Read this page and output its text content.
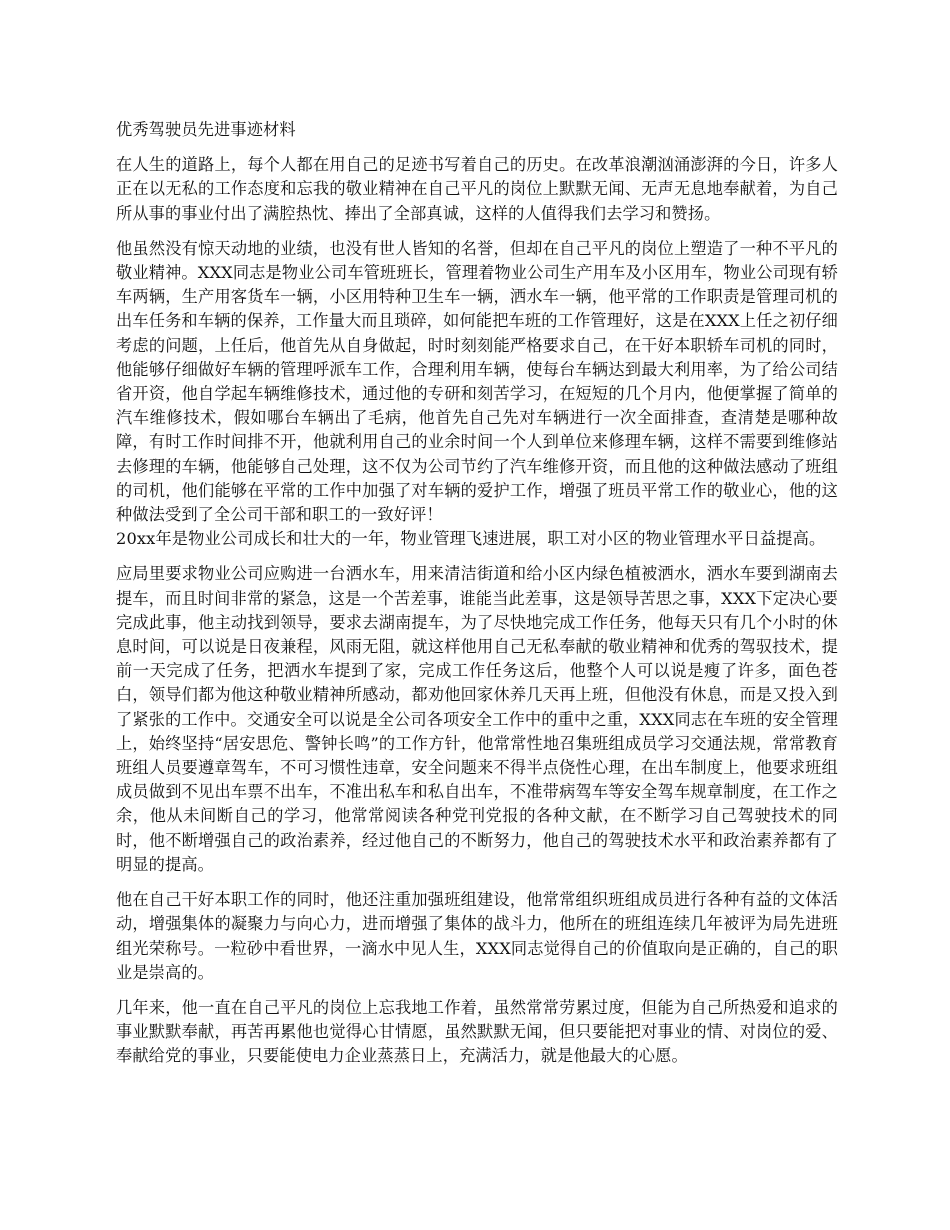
优秀驾驶员先进事迹材料

在人生的道路上，每个人都在用自己的足迹书写着自己的历史。在改革浪潮汹涌澎湃的今日，许多人正在以无私的工作态度和忘我的敬业精神在自己平凡的岗位上默默无闻、无声无息地奉献着，为自己所从事的事业付出了满腔热忱、捧出了全部真诚，这样的人值得我们去学习和赞扬。

他虽然没有惊天动地的业绩，也没有世人皆知的名誉，但却在自己平凡的岗位上塑造了一种不平凡的敬业精神。XXX同志是物业公司车管班班长，管理着物业公司生产用车及小区用车，物业公司现有轿车两辆，生产用客货车一辆，小区用特种卫生车一辆，洒水车一辆，他平常的工作职责是管理司机的出车任务和车辆的保养，工作量大而且琐碎，如何能把车班的工作管理好，这是在XXX上任之初仔细考虑的问题，上任后，他首先从自身做起，时时刻刻能严格要求自己，在干好本职轿车司机的同时，他能够仔细做好车辆的管理呼派车工作，合理利用车辆，使每台车辆达到最大利用率，为了给公司结省开资，他自学起车辆维修技术，通过他的专研和刻苦学习，在短短的几个月内，他便掌握了简单的汽车维修技术，假如哪台车辆出了毛病，他首先自己先对车辆进行一次全面排查，查清楚是哪种故障，有时工作时间排不开，他就利用自己的业余时间一个人到单位来修理车辆，这样不需要到维修站去修理的车辆，他能够自己处理，这不仅为公司节约了汽车维修开资，而且他的这种做法感动了班组的司机，他们能够在平常的工作中加强了对车辆的爱护工作，增强了班员平常工作的敬业心，他的这种做法受到了全公司干部和职工的一致好评！

20xx年是物业公司成长和壮大的一年，物业管理飞速进展，职工对小区的物业管理水平日益提高。

应局里要求物业公司应购进一台洒水车，用来清洁街道和给小区内绿色植被洒水，洒水车要到湖南去提车，而且时间非常的紧急，这是一个苦差事，谁能当此差事，这是领导苦思之事，XXX下定决心要完成此事，他主动找到领导，要求去湖南提车，为了尽快地完成工作任务，他每天只有几个小时的休息时间，可以说是日夜兼程，风雨无阻，就这样他用自己无私奉献的敬业精神和优秀的驾驭技术，提前一天完成了任务，把洒水车提到了家，完成工作任务这后，他整个人可以说是瘦了许多，面色苍白，领导们都为他这种敬业精神所感动，都劝他回家休养几天再上班，但他没有休息，而是又投入到了紧张的工作中。交通安全可以说是全公司各项安全工作中的重中之重，XXX同志在车班的安全管理上，始终坚持“居安思危、警钟长鸣”的工作方针，他常常性地召集班组成员学习交通法规，常常教育班组人员要遵章驾车，不可习惯性违章，安全问题来不得半点侥性心理，在出车制度上，他要求班组成员做到不见出车票不出车，不准出私车和私自出车，不准带病驾车等安全驾车规章制度，在工作之余，他从未间断自己的学习，他常常阅读各种党刊党报的各种文献，在不断学习自己驾驶技术的同时，他不断增强自己的政治素养，经过他自己的不断努力，他自己的驾驶技术水平和政治素养都有了明显的提高。

他在自己干好本职工作的同时，他还注重加强班组建设，他常常组织班组成员进行各种有益的文体活动，增强集体的凝聚力与向心力，进而增强了集体的战斗力，他所在的班组连续几年被评为局先进班组光荣称号。一粒砂中看世界，一滴水中见人生，XXX同志觉得自己的价值取向是正确的，自己的职业是崇高的。

几年来，他一直在自己平凡的岗位上忘我地工作着，虽然常常劳累过度，但能为自己所热爱和追求的事业默默奉献，再苦再累他也觉得心甘情愿，虽然默默无闻，但只要能把对事业的情、对岗位的爱、奉献给党的事业，只要能使电力企业蒸蒸日上，充满活力，就是他最大的心愿。
